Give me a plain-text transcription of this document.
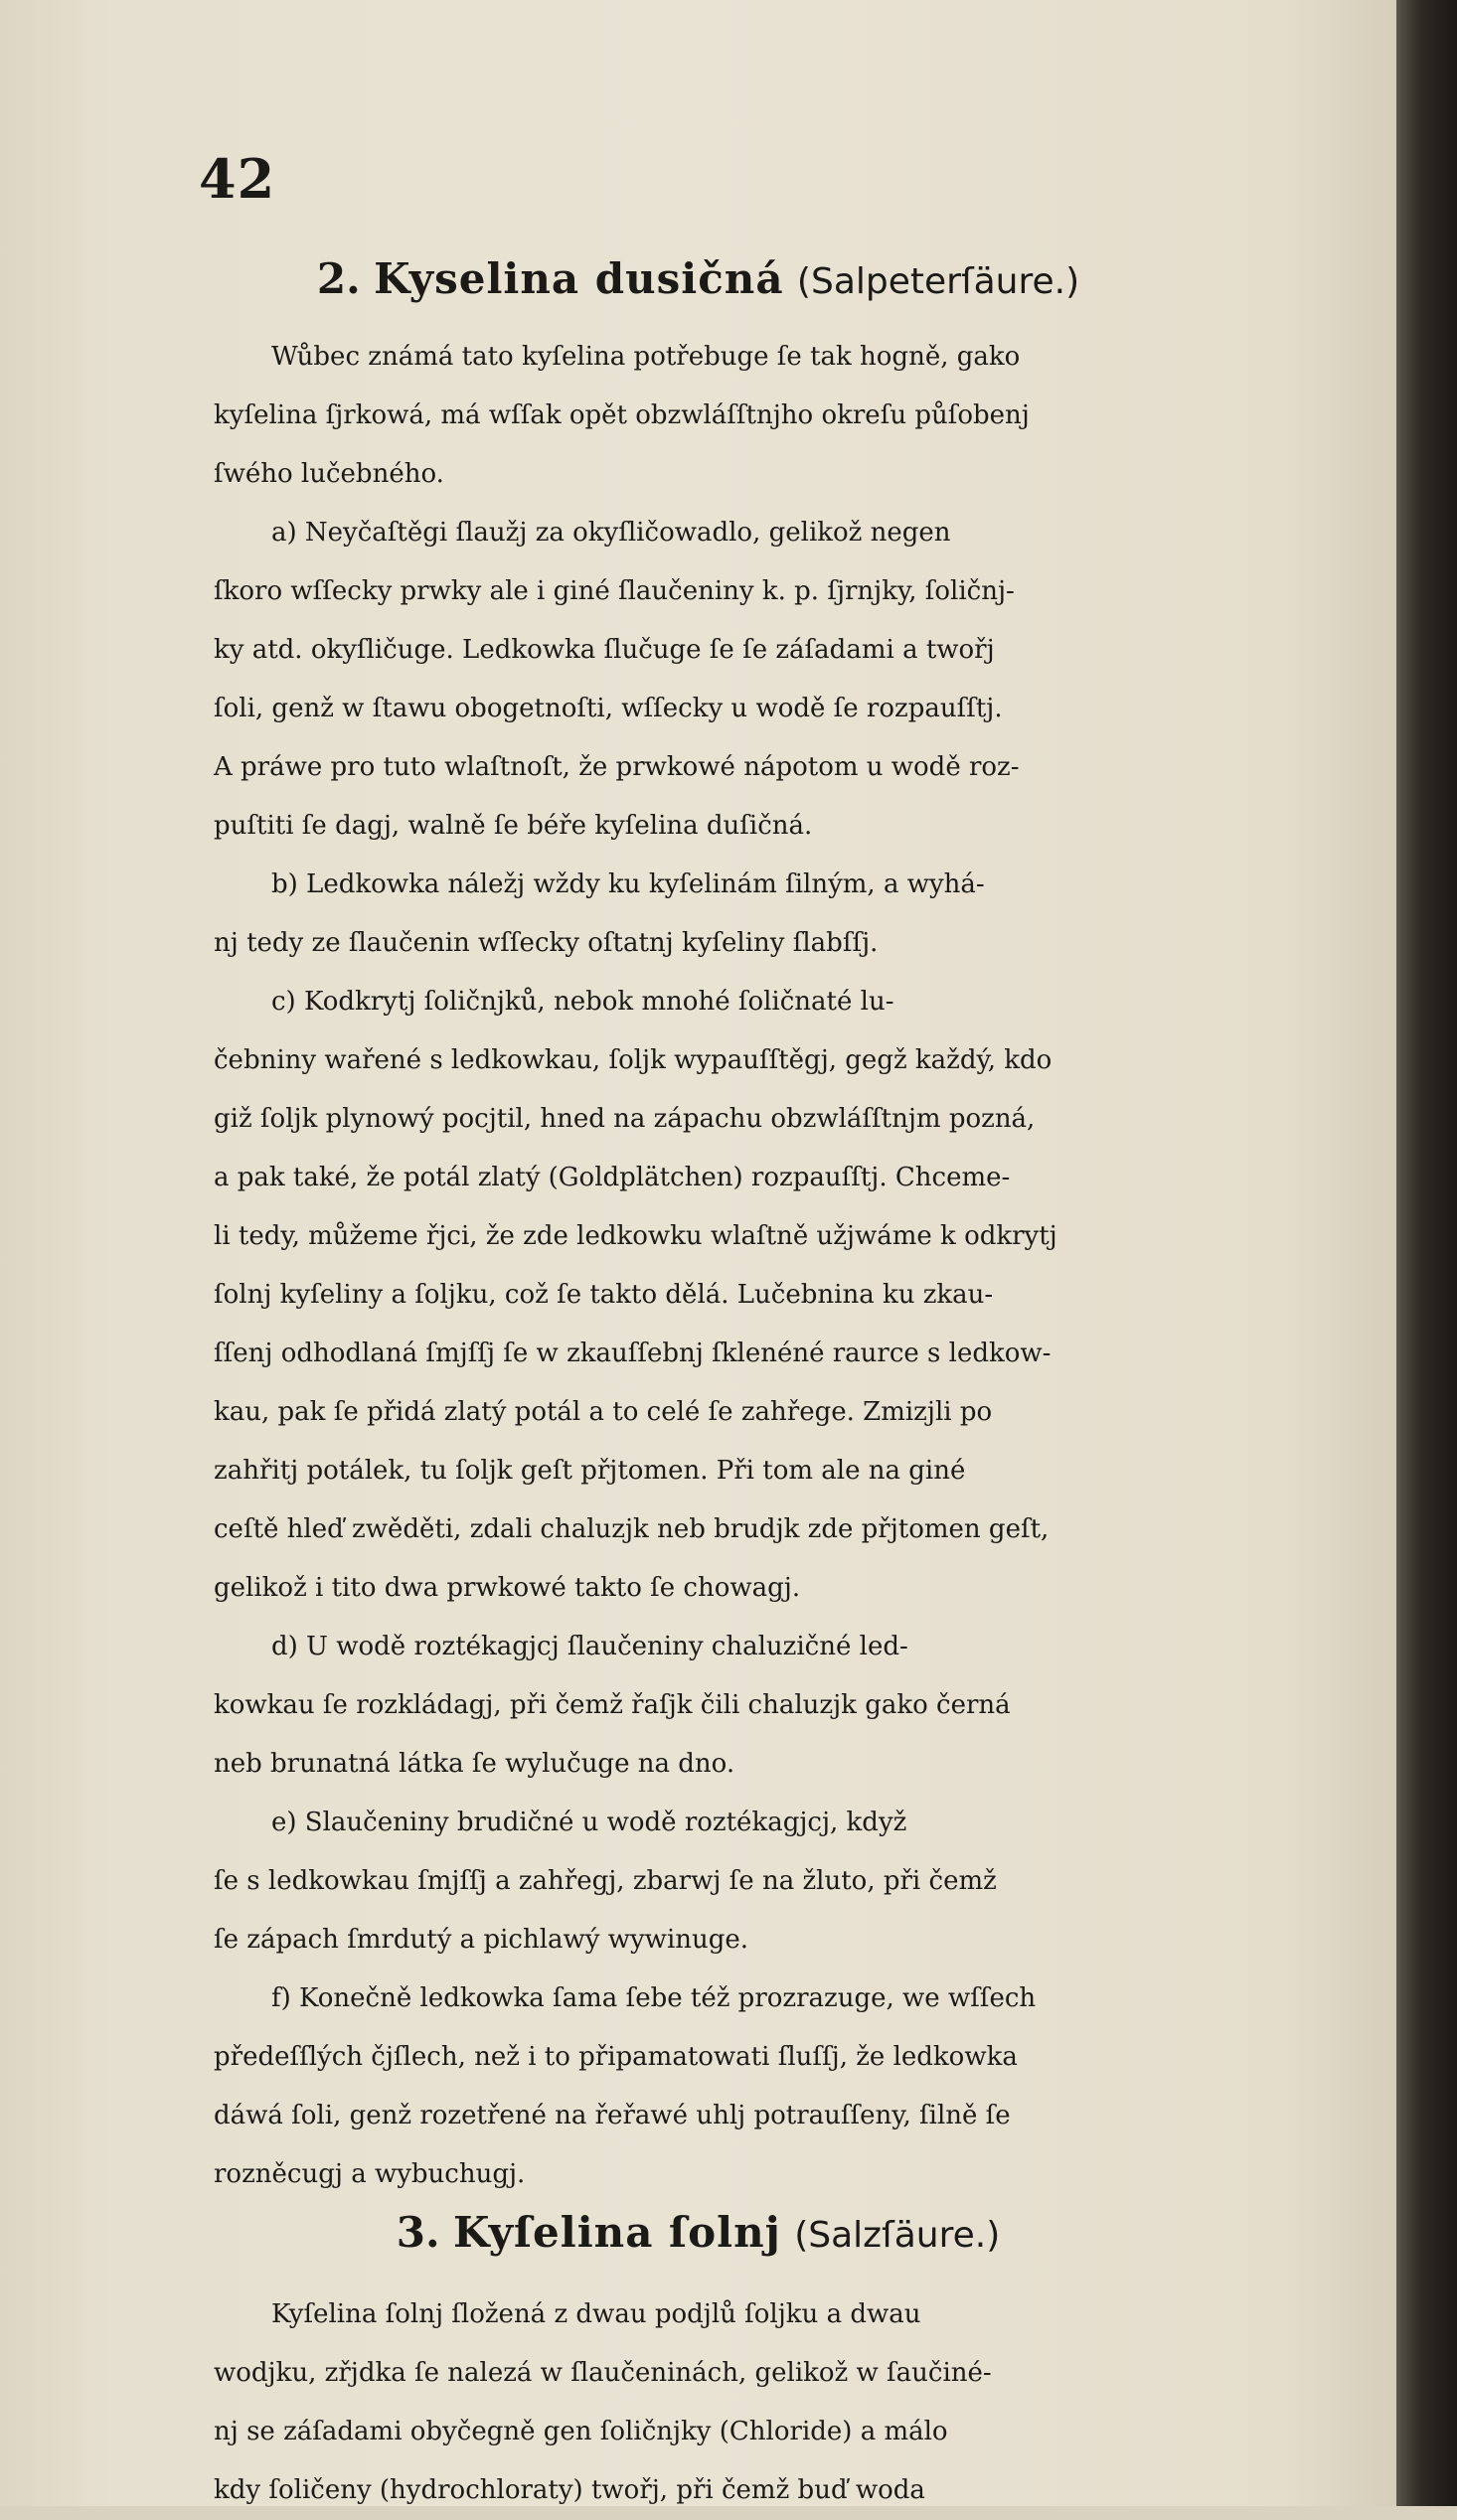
42
2. Kyselina dusičná (Salpeterſäure.)
Wůbec známá tato kyſelina potřebuge ſe tak hogně, gako
kyſelina ſjrkowá, má wſſak opět obzwláſſtnjho okreſu půſobenj
ſwého lučebného.
a) Neyčaſtěgi ſlaužj za okyſličowadlo, gelikož negen
ſkoro wſſecky prwky ale i giné ſlaučeniny k. p. ſjrnjky, ſoličnj-
ky atd. okyſličuge. Ledkowka ſlučuge ſe ſe záſadami a twořj
ſoli, genž w ſtawu obogetnoſti, wſſecky u wodě ſe rozpauſſtj.
A práwe pro tuto wlaſtnoſt, že prwkowé nápotom u wodě roz-
puſtiti ſe dagj, walně ſe béře kyſelina duſičná.
b) Ledkowka náležj wždy ku kyſelinám ſilným, a wyhá-
nj tedy ze ſlaučenin wſſecky oſtatnj kyſeliny ſlabſſj.
c) Kodkrytj ſoličnjků, nebok mnohé ſoličnaté lu-
čebniny wařené s ledkowkau, ſoljk wypauſſtěgj, gegž každý, kdo
giž ſoljk plynowý pocjtil, hned na zápachu obzwláſſtnjm pozná,
a pak také, že potál zlatý (Goldplätchen) rozpauſſtj. Chceme-
li tedy, můžeme řjci, že zde ledkowku wlaſtně užjwáme k odkrytj
ſolnj kyſeliny a ſoljku, což ſe takto dělá. Lučebnina ku zkau-
ſſenj odhodlaná ſmjſſj ſe w zkauſſebnj ſklenéné raurce s ledkow-
kau, pak ſe přidá zlatý potál a to celé ſe zahřege. Zmizjli po
zahřitj potálek, tu ſoljk geſt přjtomen. Při tom ale na giné
ceſtě hleď zwěděti, zdali chaluzjk neb brudjk zde přjtomen geſt,
gelikož i tito dwa prwkowé takto ſe chowagj.
d) U wodě roztékagjcj ſlaučeniny chaluzičné led-
kowkau ſe rozkládagj, při čemž řaſjk čili chaluzjk gako černá
neb brunatná látka ſe wylučuge na dno.
e) Slaučeniny brudičné u wodě roztékagjcj, když
ſe s ledkowkau ſmjſſj a zahřegj, zbarwj ſe na žluto, při čemž
ſe zápach ſmrdutý a pichlawý wywinuge.
f) Konečně ledkowka ſama ſebe též prozrazuge, we wſſech
předeſſlých čjſlech, než i to připamatowati ſluſſj, že ledkowka
dáwá ſoli, genž rozetřené na řeřawé uhlj potrauſſeny, ſilně ſe
rozněcugj a wybuchugj.
3. Kyſelina ſolnj (Salzſäure.)
Kyſelina ſolnj ſložená z dwau podjlů ſoljku a dwau
wodjku, zřjdka ſe nalezá w ſlaučeninách, gelikož w ſaučiné-
nj se záſadami obyčegně gen ſoličnjky (Chloride) a málo
kdy ſoličeny (hydrochloraty) twořj, při čemž buď woda
